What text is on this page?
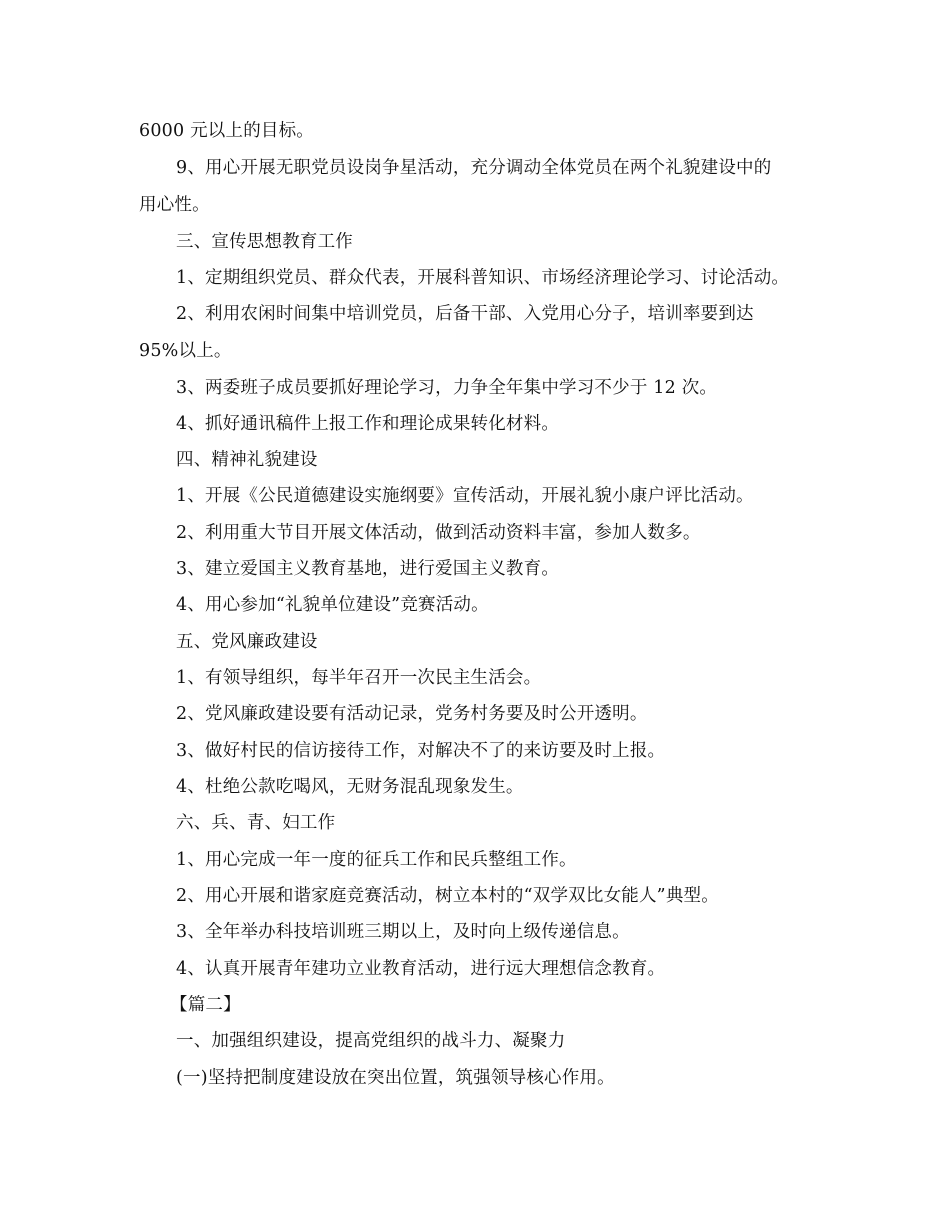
6000 元以上的目标。
9、用心开展无职党员设岗争星活动，充分调动全体党员在两个礼貌建设中的
用心性。
三、宣传思想教育工作
1、定期组织党员、群众代表，开展科普知识、市场经济理论学习、讨论活动。
2、利用农闲时间集中培训党员，后备干部、入党用心分子，培训率要到达
95%以上。
3、两委班子成员要抓好理论学习，力争全年集中学习不少于 12 次。
4、抓好通讯稿件上报工作和理论成果转化材料。
四、精神礼貌建设
1、开展《公民道德建设实施纲要》宣传活动，开展礼貌小康户评比活动。
2、利用重大节目开展文体活动，做到活动资料丰富，参加人数多。
3、建立爱国主义教育基地，进行爱国主义教育。
4、用心参加“礼貌单位建设”竞赛活动。
五、党风廉政建设
1、有领导组织，每半年召开一次民主生活会。
2、党风廉政建设要有活动记录，党务村务要及时公开透明。
3、做好村民的信访接待工作，对解决不了的来访要及时上报。
4、杜绝公款吃喝风，无财务混乱现象发生。
六、兵、青、妇工作
1、用心完成一年一度的征兵工作和民兵整组工作。
2、用心开展和谐家庭竞赛活动，树立本村的“双学双比女能人”典型。
3、全年举办科技培训班三期以上，及时向上级传递信息。
4、认真开展青年建功立业教育活动，进行远大理想信念教育。
【篇二】
一、加强组织建设，提高党组织的战斗力、凝聚力
(一)坚持把制度建设放在突出位置，筑强领导核心作用。
